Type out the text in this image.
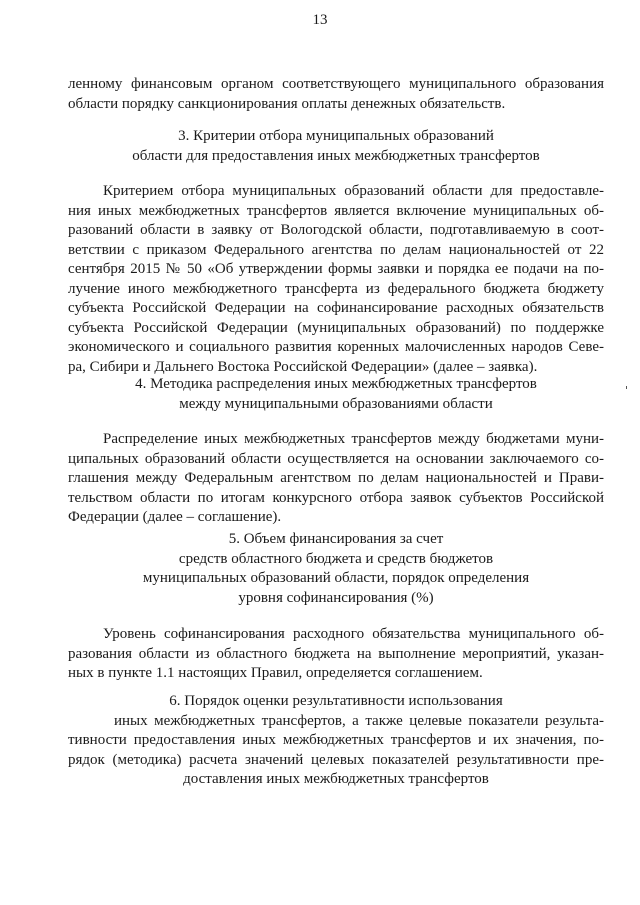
13
ленному финансовым органом соответствующего муниципального образования
области порядку санкционирования оплаты денежных обязательств.
3. Критерии отбора муниципальных образований
области для предоставления иных межбюджетных трансфертов
Критерием отбора муниципальных образований области для предоставле-
ния иных межбюджетных трансфертов является включение муниципальных об-
разований области в заявку от Вологодской области, подготавливаемую в соот-
ветствии с приказом Федерального агентства по делам национальностей от 22
сентября 2015 № 50 «Об утверждении формы заявки и порядка ее подачи на по-
лучение иного межбюджетного трансферта из федерального бюджета бюджету
субъекта Российской Федерации на софинансирование расходных обязательств
субъекта Российской Федерации (муниципальных образований) по поддержке
экономического и социального развития коренных малочисленных народов Севе-
ра, Сибири и Дальнего Востока Российской Федерации» (далее – заявка).
4. Методика распределения иных межбюджетных трансфертов
между муниципальными образованиями области
Распределение иных межбюджетных трансфертов между бюджетами муни-
ципальных образований области осуществляется на основании заключаемого со-
глашения между Федеральным агентством по делам национальностей и Прави-
тельством области по итогам конкурсного отбора заявок субъектов Российской
Федерации (далее – соглашение).
5. Объем финансирования за счет
средств областного бюджета и средств бюджетов
муниципальных образований области, порядок определения
уровня софинансирования (%)
Уровень софинансирования расходного обязательства муниципального об-
разования области из областного бюджета на выполнение мероприятий, указан-
ных в пункте 1.1 настоящих Правил, определяется соглашением.
6. Порядок оценки результативности использования
иных межбюджетных трансфертов, а также целевые показатели результа-
тивности предоставления иных межбюджетных трансфертов и их значения, по-
рядок (методика) расчета значений целевых показателей результативности пре-
доставления иных межбюджетных трансфертов
